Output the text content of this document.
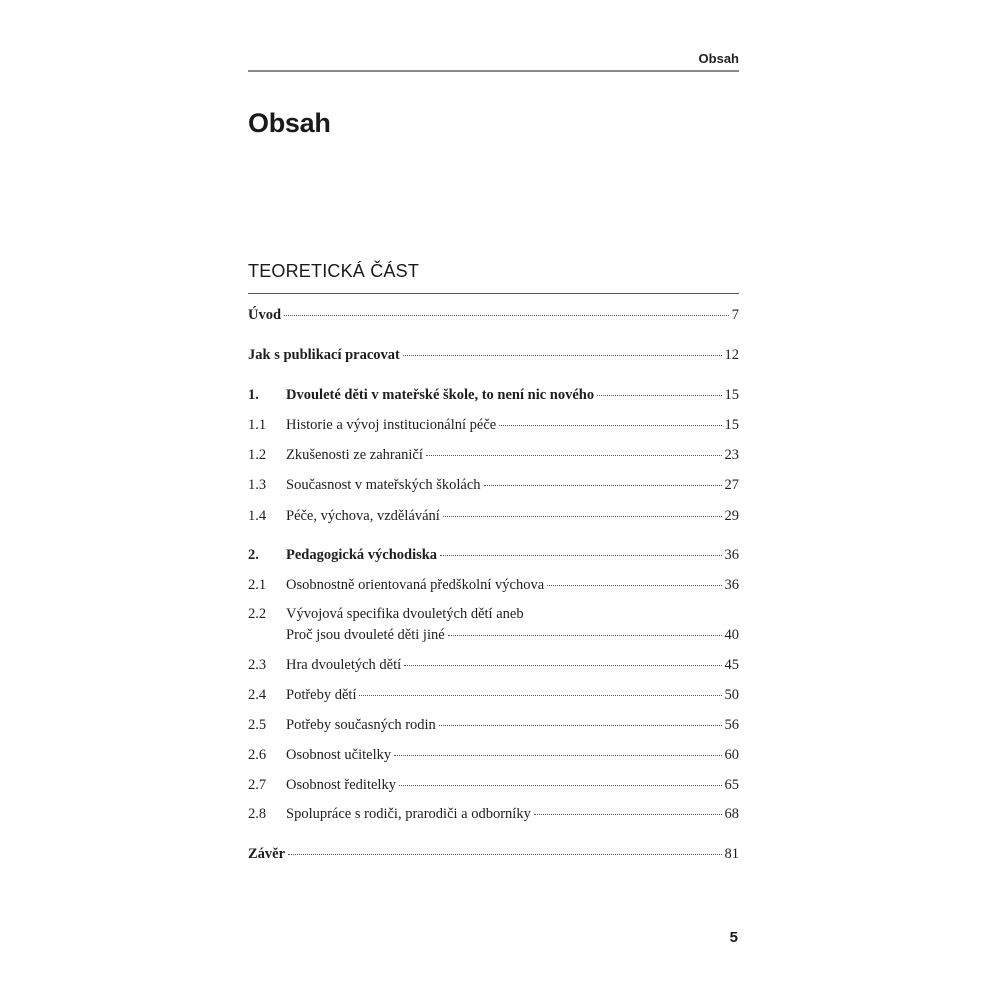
Obsah
Obsah
TEORETICKÁ ČÁST
Úvod	7
Jak s publikací pracovat	12
1.	Dvouleté děti v mateřské škole, to není nic nového	15
1.1	Historie a vývoj institucionální péče	15
1.2	Zkušenosti ze zahraničí	23
1.3	Současnost v mateřských školách	27
1.4	Péče, výchova, vzdělávání	29
2.	Pedagogická východiska	36
2.1	Osobnostně orientovaná předškolní výchova	36
2.2	Vývojová specifika dvouletých dětí aneb
Proč jsou dvouleté děti jiné	40
2.3	Hra dvouletých dětí	45
2.4	Potřeby dětí	50
2.5	Potřeby současných rodin	56
2.6	Osobnost učitelky	60
2.7	Osobnost ředitelky	65
2.8	Spolupráce s rodiči, prarodiči a odborníky	68
Závěr	81
5
